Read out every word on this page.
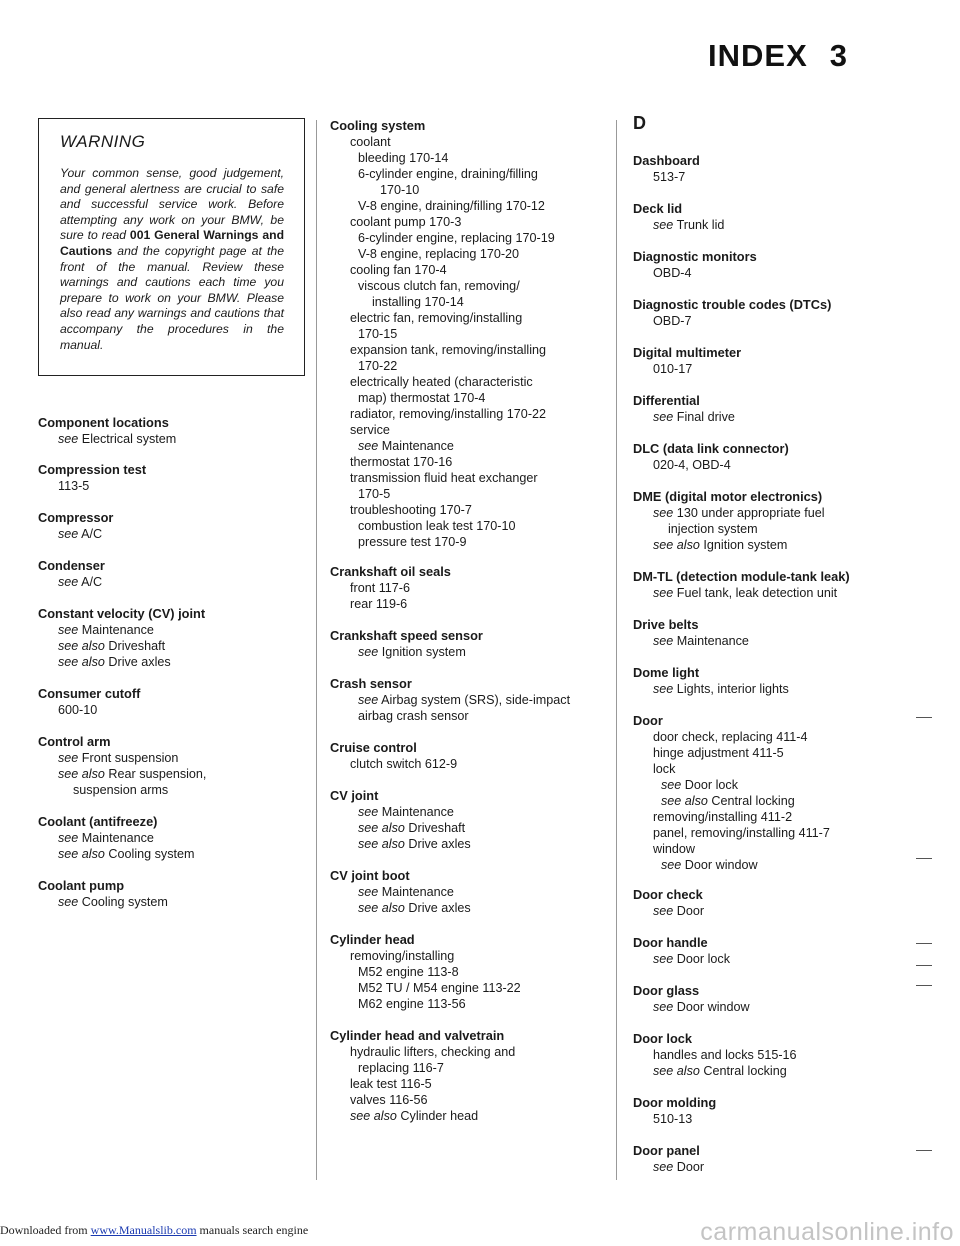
INDEX 3
WARNING
Your common sense, good judgement, and general alertness are crucial to safe and successful service work. Before attempting any work on your BMW, be sure to read 001 General Warnings and Cautions and the copyright page at the front of the manual. Review these warnings and cautions each time you prepare to work on your BMW. Please also read any warnings and cautions that accompany the procedures in the manual.
Component locations
see Electrical system
Compression test
113-5
Compressor
see A/C
Condenser
see A/C
Constant velocity (CV) joint
see Maintenance
see also Driveshaft
see also Drive axles
Consumer cutoff
600-10
Control arm
see Front suspension
see also Rear suspension,
suspension arms
Coolant (antifreeze)
see Maintenance
see also Cooling system
Coolant pump
see Cooling system
Cooling system
coolant
bleeding 170-14
6-cylinder engine, draining/filling
170-10
V-8 engine, draining/filling 170-12
coolant pump 170-3
6-cylinder engine, replacing 170-19
V-8 engine, replacing 170-20
cooling fan 170-4
viscous clutch fan, removing/
installing 170-14
electric fan, removing/installing
170-15
expansion tank, removing/installing
170-22
electrically heated (characteristic
map) thermostat 170-4
radiator, removing/installing 170-22
service
see Maintenance
thermostat 170-16
transmission fluid heat exchanger
170-5
troubleshooting 170-7
combustion leak test 170-10
pressure test 170-9
Crankshaft oil seals
front 117-6
rear 119-6
Crankshaft speed sensor
see Ignition system
Crash sensor
see Airbag system (SRS), side-impact
airbag crash sensor
Cruise control
clutch switch 612-9
CV joint
see Maintenance
see also Driveshaft
see also Drive axles
CV joint boot
see Maintenance
see also Drive axles
Cylinder head
removing/installing
M52 engine 113-8
M52 TU / M54 engine 113-22
M62 engine 113-56
Cylinder head and valvetrain
hydraulic lifters, checking and
replacing 116-7
leak test 116-5
valves 116-56
see also Cylinder head
D
Dashboard
513-7
Deck lid
see Trunk lid
Diagnostic monitors
OBD-4
Diagnostic trouble codes (DTCs)
OBD-7
Digital multimeter
010-17
Differential
see Final drive
DLC (data link connector)
020-4, OBD-4
DME (digital motor electronics)
see 130 under appropriate fuel
injection system
see also Ignition system
DM-TL (detection module-tank leak)
see Fuel tank, leak detection unit
Drive belts
see Maintenance
Dome light
see Lights, interior lights
Door
door check, replacing 411-4
hinge adjustment 411-5
lock
see Door lock
see also Central locking
removing/installing 411-2
panel, removing/installing 411-7
window
see Door window
Door check
see Door
Door handle
see Door lock
Door glass
see Door window
Door lock
handles and locks 515-16
see also Central locking
Door molding
510-13
Door panel
see Door
Downloaded from www.Manualslib.com manuals search engine	carmanualsonline.info
